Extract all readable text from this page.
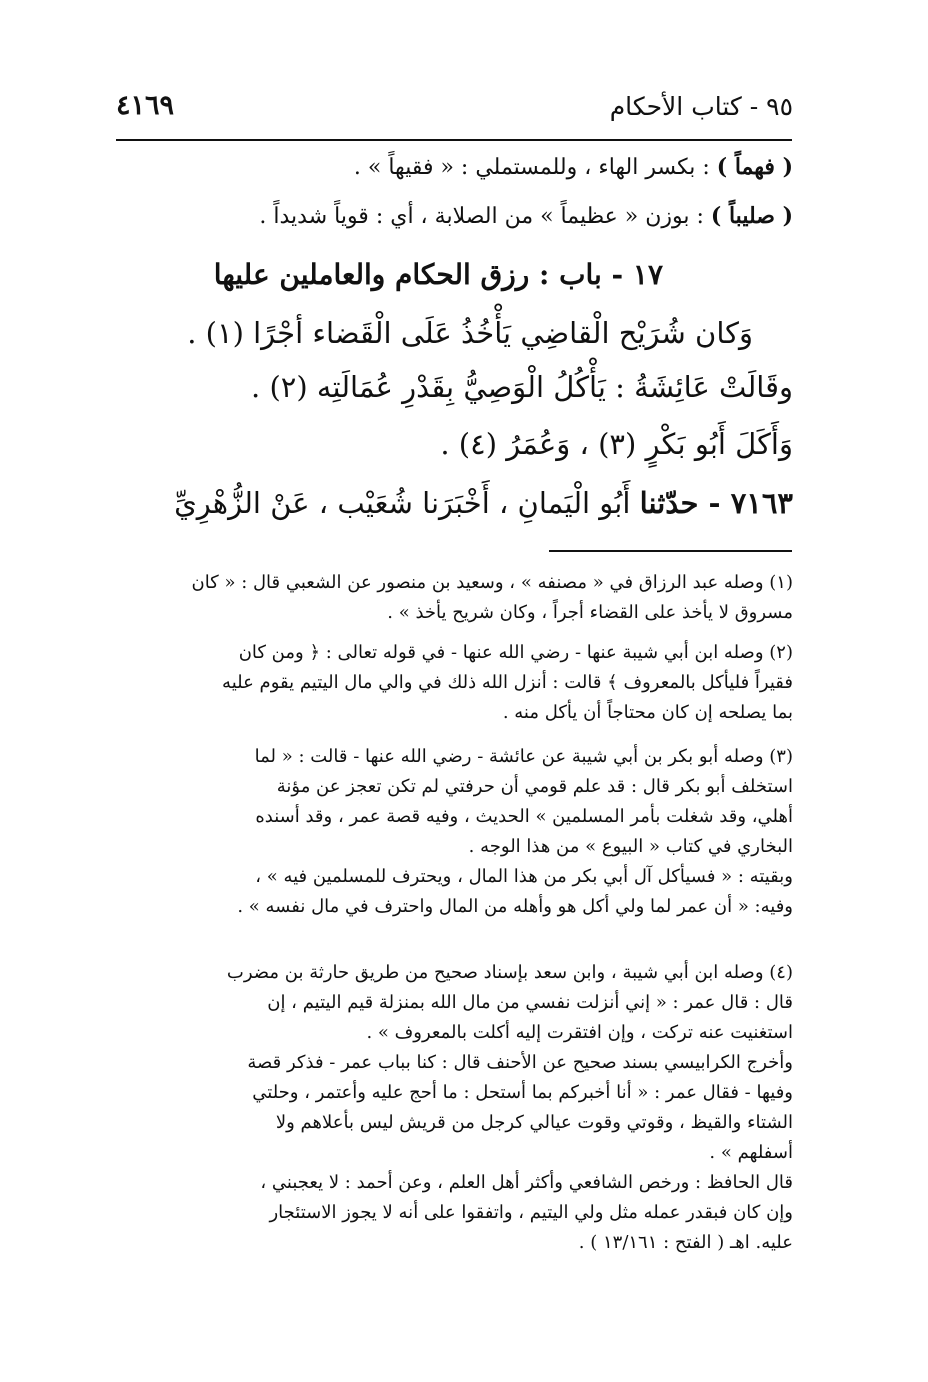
٩٥ - كتاب الأحكام
٤١٦٩
( فهماً ) : بكسر الهاء ، وللمستملي : « فقيهاً » .
( صليباً ) : بوزن « عظيماً » من الصلابة ، أي : قوياً شديداً .
١٧ - باب : رزق الحكام والعاملين عليها
وَكان شُرَيْح الْقاضِي يَأْخُذُ عَلَى الْقَضاء أجْرًا (١) .
وقَالَتْ عَائِشَةُ : يَأْكُلُ الْوَصِيُّ بِقَدْرِ عُمَالَتِه (٢) .
وَأَكَلَ أَبُو بَكْرٍ (٣) ، وَعُمَرُ (٤) .
٧١٦٣ - حدّثنا أَبُو الْيَمانِ ، أَخْبَرَنا شُعَيْب ، عَنْ الزُّهْرِيِّ
(١) وصله عبد الرزاق في « مصنفه » ، وسعيد بن منصور عن الشعبي قال : « كان
مسروق لا يأخذ على القضاء أجراً ، وكان شريح يأخذ » .
(٢) وصله ابن أبي شيبة عنها - رضي الله عنها - في قوله تعالى : ﴿ ومن كان
فقيراً فليأكل بالمعروف ﴾ قالت : أنزل الله ذلك في والي مال اليتيم يقوم عليه
بما يصلحه إن كان محتاجاً أن يأكل منه .
(٣) وصله أبو بكر بن أبي شيبة عن عائشة - رضي الله عنها - قالت : « لما
استخلف أبو بكر قال : قد علم قومي أن حرفتي لم تكن تعجز عن مؤنة
أهلي، وقد شغلت بأمر المسلمين » الحديث ، وفيه قصة عمر ، وقد أسنده
البخاري في كتاب « البيوع » من هذا الوجه .
وبقيته : « فسيأكل آل أبي بكر من هذا المال ، ويحترف للمسلمين فيه » ،
وفيه: « أن عمر لما ولي أكل هو وأهله من المال واحترف في مال نفسه » .
(٤) وصله ابن أبي شيبة ، وابن سعد بإسناد صحيح من طريق حارثة بن مضرب
قال : قال عمر : « إني أنزلت نفسي من مال الله بمنزلة قيم اليتيم ، إن
استغنيت عنه تركت ، وإن افتقرت إليه أكلت بالمعروف » .
وأخرج الكرابيسي بسند صحيح عن الأحنف قال : كنا بباب عمر - فذكر قصة
وفيها - فقال عمر : « أنا أخبركم بما أستحل : ما أحج عليه وأعتمر ، وحلتي
الشتاء والقيظ ، وقوتي وقوت عيالي كرجل من قريش ليس بأعلاهم ولا
أسفلهم » .
قال الحافظ : ورخص الشافعي وأكثر أهل العلم ، وعن أحمد : لا يعجبني ،
وإن كان فبقدر عمله مثل ولي اليتيم ، واتفقوا على أنه لا يجوز الاستئجار
عليه. اهـ ( الفتح : ١٣/١٦١ ) .
